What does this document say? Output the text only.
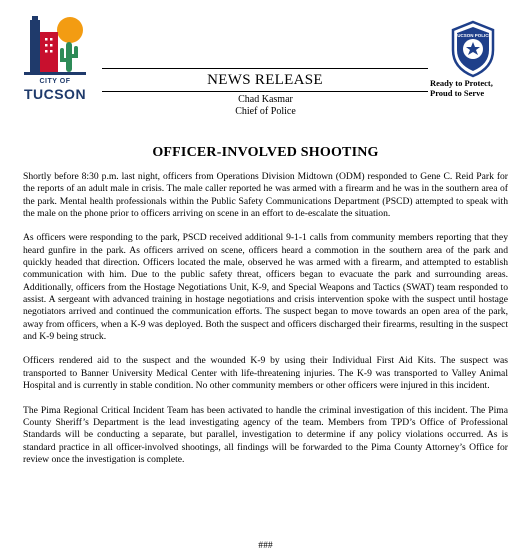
CITY OF
TUCSON
NEWS RELEASE
TUCSON POLICE
Ready to Protect,
Proud to Serve
Chad Kasmar
Chief of Police
OFFICER-INVOLVED SHOOTING

Shortly before 8:30 p.m. last night, officers from Operations Division Midtown (ODM) responded to Gene C. Reid Park for the reports of an adult male in crisis. The male caller reported he was armed with a firearm and he was in the southern area of the park. Mental health professionals within the Public Safety Communications Department (PSCD) attempted to speak with the male on the phone prior to officers arriving on scene in an effort to de-escalate the situation.

As officers were responding to the park, PSCD received additional 9-1-1 calls from community members reporting that they heard gunfire in the park. As officers arrived on scene, officers heard a commotion in the southern area of the park and quickly headed that direction. Officers located the male, observed he was armed with a firearm, and attempted to establish communication with him. Due to the public safety threat, officers began to evacuate the park and surrounding areas. Additionally, officers from the Hostage Negotiations Unit, K-9, and Special Weapons and Tactics (SWAT) team responded to assist. A sergeant with advanced training in hostage negotiations and crisis intervention spoke with the suspect until hostage negotiators arrived and continued the communication efforts. The suspect began to move towards an open area of the park, away from officers, when a K-9 was deployed. Both the suspect and officers discharged their firearms, resulting in the suspect and K-9 being struck.

Officers rendered aid to the suspect and the wounded K-9 by using their Individual First Aid Kits. The suspect was transported to Banner University Medical Center with life-threatening injuries. The K-9 was transported to Valley Animal Hospital and is currently in stable condition. No other community members or other officers were injured in this incident.

The Pima Regional Critical Incident Team has been activated to handle the criminal investigation of this incident. The Pima County Sheriff’s Department is the lead investigating agency of the team. Members from TPD’s Office of Professional Standards will be conducting a separate, but parallel, investigation to determine if any policy violations occurred. As is standard practice in all officer-involved shootings, all findings will be forwarded to the Pima County Attorney’s Office for review once the investigation is complete.

###
